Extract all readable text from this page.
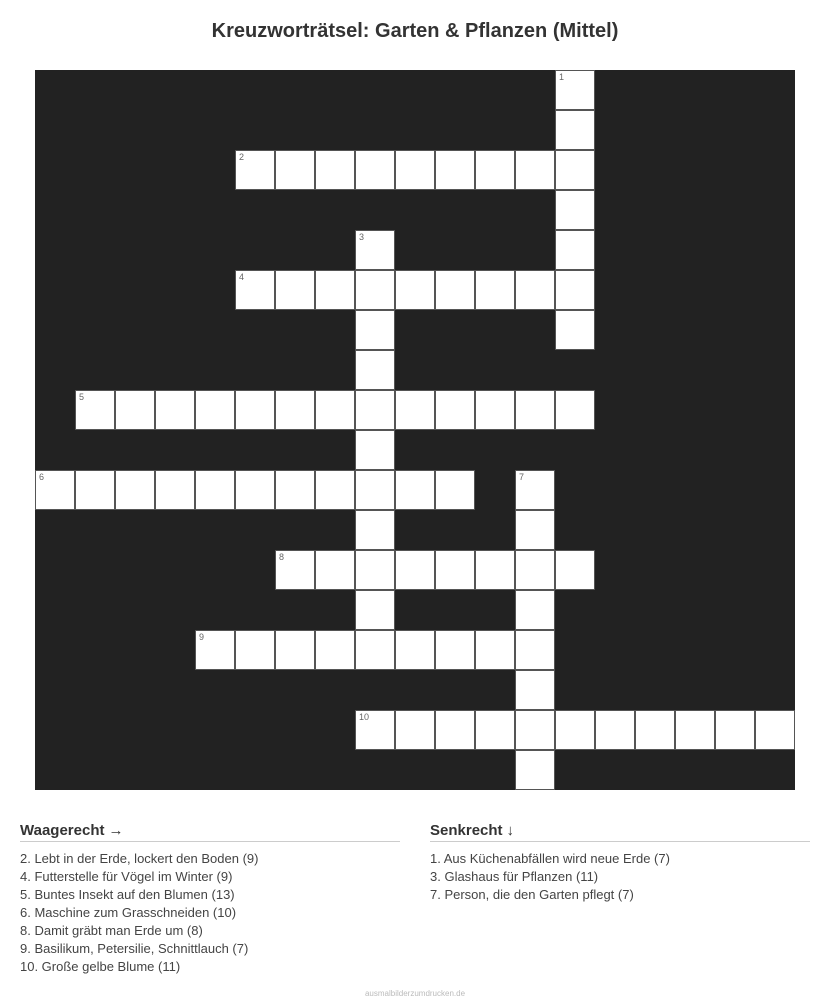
Kreuzworträtsel: Garten & Pflanzen (Mittel)
1
2
3
4
5
6	7
8
9
10
Waagerecht →
2. Lebt in der Erde, lockert den Boden (9)
4. Futterstelle für Vögel im Winter (9)
5. Buntes Insekt auf den Blumen (13)
6. Maschine zum Grasschneiden (10)
8. Damit gräbt man Erde um (8)
9. Basilikum, Petersilie, Schnittlauch (7)
10. Große gelbe Blume (11)
Senkrecht ↓
1. Aus Küchenabfällen wird neue Erde (7)
3. Glashaus für Pflanzen (11)
7. Person, die den Garten pflegt (7)
ausmalbilderzumdrucken.de
